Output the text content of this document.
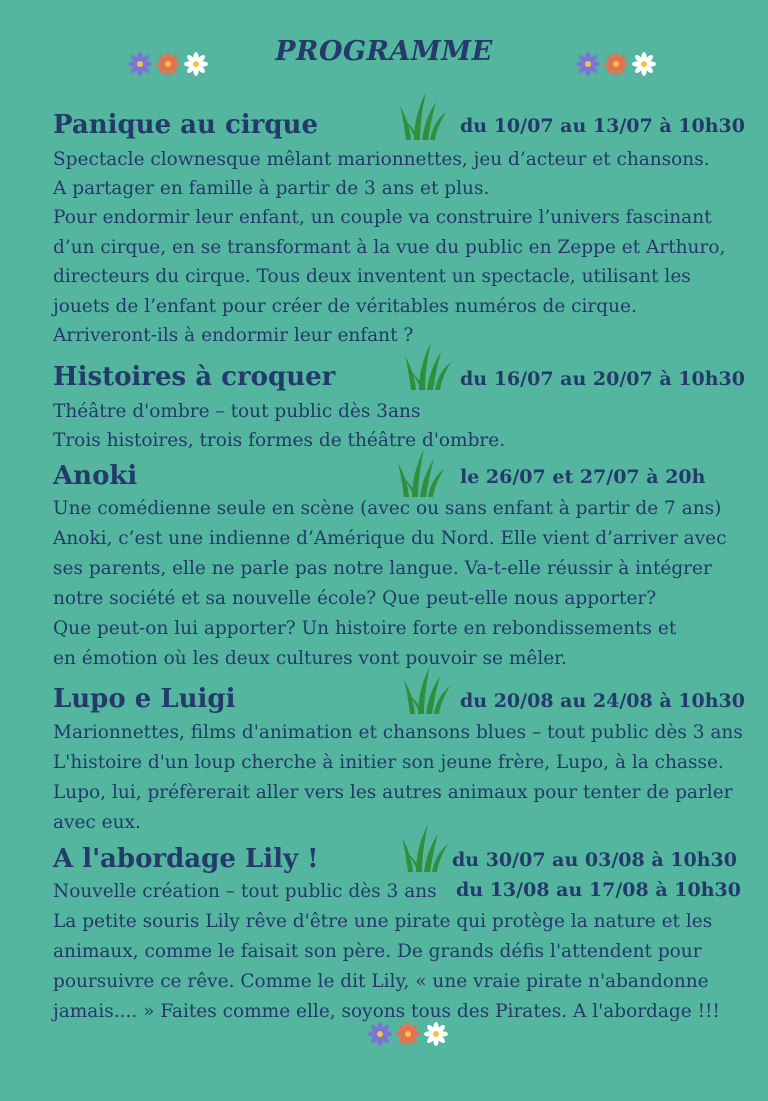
PROGRAMME
Panique au cirque	du 10/07 au 13/07 à 10h30
Spectacle clownesque mêlant marionnettes, jeu d’acteur et chansons.
A partager en famille à partir de 3 ans et plus.
Pour endormir leur enfant, un couple va construire l’univers fascinant
d’un cirque, en se transformant à la vue du public en Zeppe et Arthuro,
directeurs du cirque. Tous deux inventent un spectacle, utilisant les
jouets de l’enfant pour créer de véritables numéros de cirque.
Arriveront-ils à endormir leur enfant ?
Histoires à croquer	du 16/07 au 20/07 à 10h30
Théâtre d'ombre – tout public dès 3ans
Trois histoires, trois formes de théâtre d'ombre.
Anoki	le 26/07 et 27/07 à 20h
Une comédienne seule en scène (avec ou sans enfant à partir de 7 ans)
Anoki, c’est une indienne d’Amérique du Nord. Elle vient d’arriver avec
ses parents, elle ne parle pas notre langue. Va-t-elle réussir à intégrer
notre société et sa nouvelle école? Que peut-elle nous apporter?
Que peut-on lui apporter? Un histoire forte en rebondissements et
en émotion où les deux cultures vont pouvoir se mêler.
Lupo e Luigi	du 20/08 au 24/08 à 10h30
Marionnettes, films d'animation et chansons blues – tout public dès 3 ans
L'histoire d'un loup cherche à initier son jeune frère, Lupo, à la chasse.
Lupo, lui, préfèrerait aller vers les autres animaux pour tenter de parler
avec eux.
A l'abordage Lily !	du 30/07 au 03/08 à 10h30
Nouvelle création – tout public dès 3 ans du 13/08 au 17/08 à 10h30
La petite souris Lily rêve d'être une pirate qui protège la nature et les
animaux, comme le faisait son père. De grands défis l'attendent pour
poursuivre ce rêve. Comme le dit Lily, « une vraie pirate n'abandonne
jamais.... » Faites comme elle, soyons tous des Pirates. A l'abordage !!!
